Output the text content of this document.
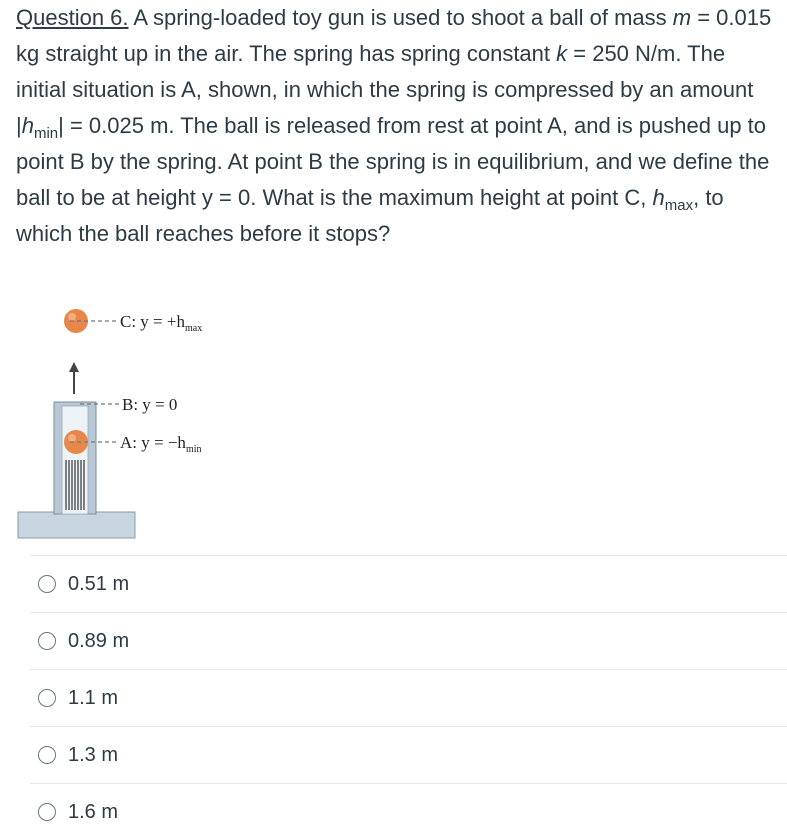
Question 6. A spring-loaded toy gun is used to shoot a ball of mass m = 0.015 kg straight up in the air. The spring has spring constant k = 250 N/m. The initial situation is A, shown, in which the spring is compressed by an amount $|h_{min}| = 0.025$ m. The ball is released from rest at point A, and is pushed up to point B by the spring. At point B the spring is in equilibrium, and we define the ball to be at height y = 0. What is the maximum height at point C, $h_{max}$, to which the ball reaches before it stops?
C: $y = +h_{max}$
B: y = 0
A: $y = -h_{min}$
0.51 m
0.89 m
1.1 m
1.3 m
1.6 m
